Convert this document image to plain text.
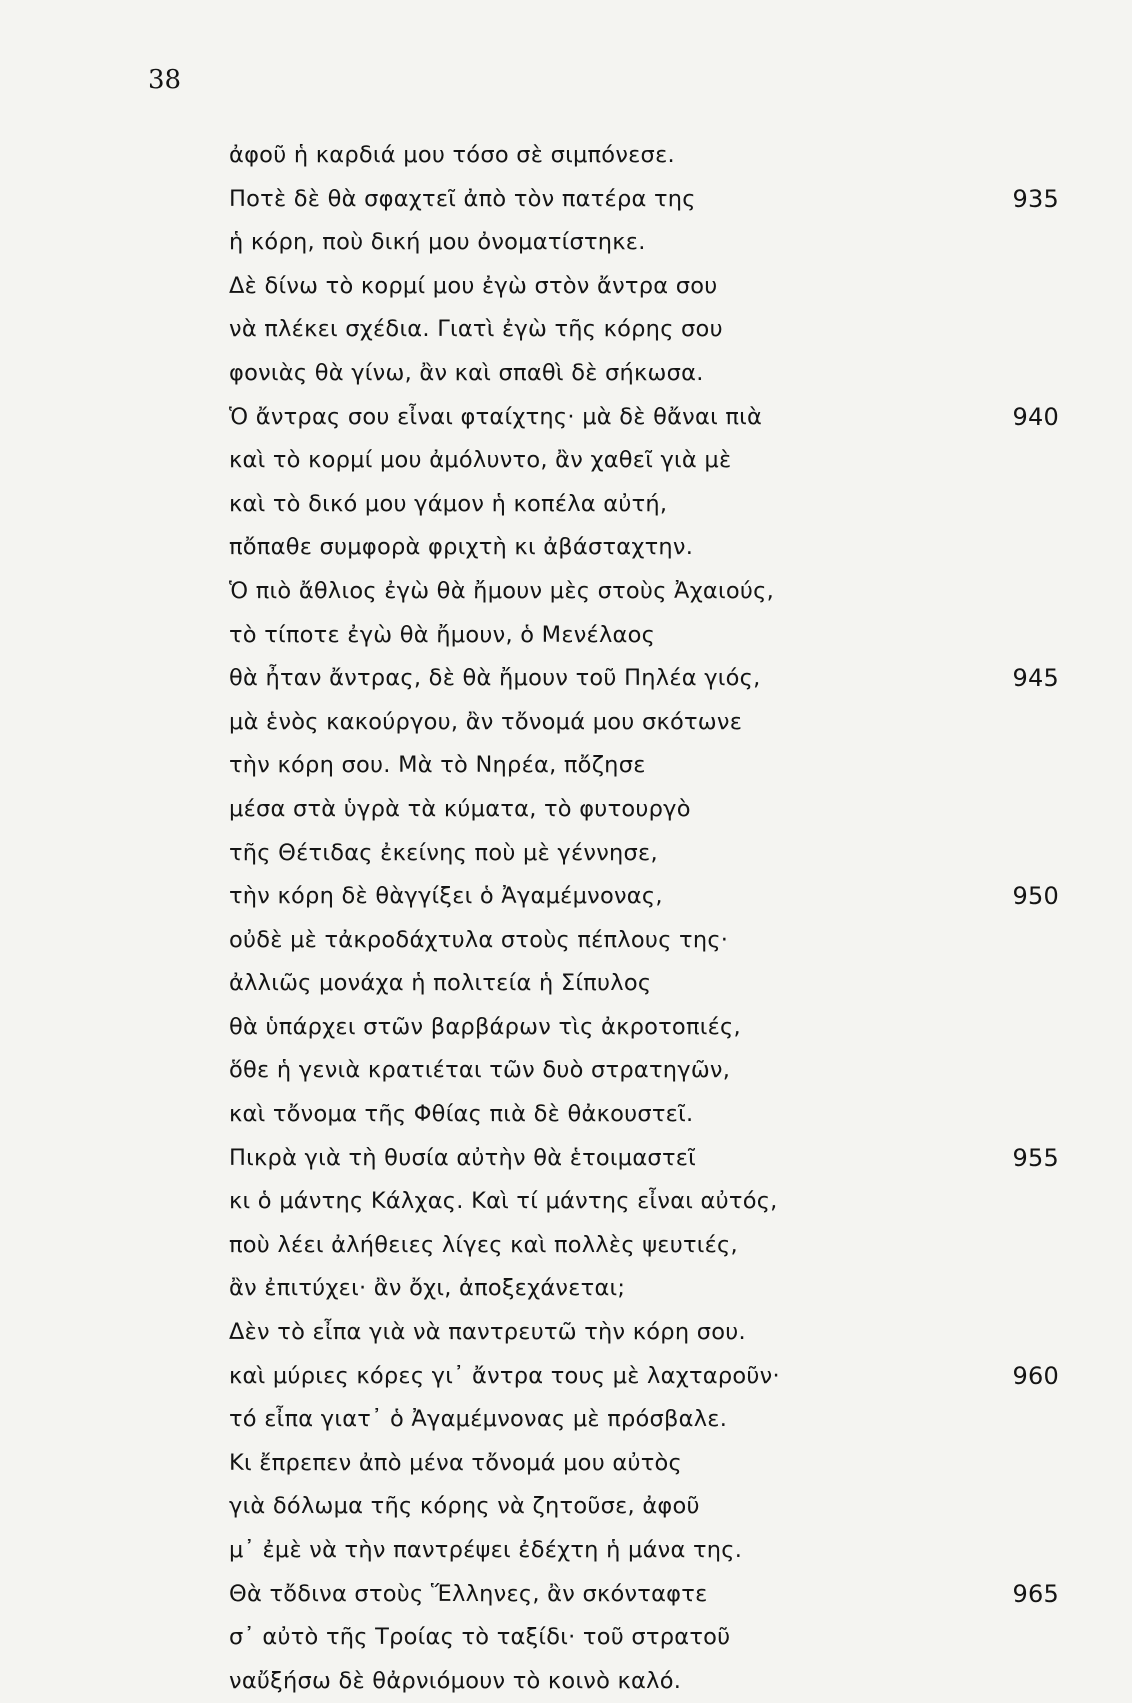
38
ἀφοῦ ἡ καρδιά μου τόσο σὲ σιμπόνεσε.
Ποτὲ δὲ θὰ σφαχτεῖ ἀπὸ τὸν πατέρα της	935
ἡ κόρη, ποὺ δική μου ὀνοματίστηκε.
Δὲ δίνω τὸ κορμί μου ἐγὼ στὸν ἄντρα σου
νὰ πλέκει σχέδια. Γιατὶ ἐγὼ τῆς κόρης σου
φονιὰς θὰ γίνω, ἂν καὶ σπαθὶ δὲ σήκωσα.
Ὁ ἄντρας σου εἶναι φταίχτης· μὰ δὲ θἄναι πιὰ	940
καὶ τὸ κορμί μου ἀμόλυντο, ἂν χαθεῖ γιὰ μὲ
καὶ τὸ δικό μου γάμον ἡ κοπέλα αὐτή,
πὄπαθε συμφορὰ φριχτὴ κι ἀβάσταχτην.
Ὁ πιὸ ἄθλιος ἐγὼ θὰ ἤμουν μὲς στοὺς Ἀχαιούς,
τὸ τίποτε ἐγὼ θὰ ἤμουν, ὁ Μενέλαος
θὰ ἦταν ἄντρας, δὲ θὰ ἤμουν τοῦ Πηλέα γιός,	945
μὰ ἑνὸς κακούργου, ἂν τὄνομά μου σκότωνε
τὴν κόρη σου. Μὰ τὸ Νηρέα, πὄζησε
μέσα στὰ ὑγρὰ τὰ κύματα, τὸ φυτουργὸ
τῆς Θέτιδας ἐκείνης ποὺ μὲ γέννησε,
τὴν κόρη δὲ θὰγγίξει ὁ Ἀγαμέμνονας,	950
οὐδὲ μὲ τἀκροδάχτυλα στοὺς πέπλους της·
ἀλλιῶς μονάχα ἡ πολιτεία ἡ Σίπυλος
θὰ ὑπάρχει στῶν βαρβάρων τὶς ἀκροτοπιές,
ὅθε ἡ γενιὰ κρατιέται τῶν δυὸ στρατηγῶν,
καὶ τὄνομα τῆς Φθίας πιὰ δὲ θἀκουστεῖ.
Πικρὰ γιὰ τὴ θυσία αὐτὴν θὰ ἑτοιμαστεῖ	955
κι ὁ μάντης Κάλχας. Καὶ τί μάντης εἶναι αὐτός,
ποὺ λέει ἀλήθειες λίγες καὶ πολλὲς ψευτιές,
ἂν ἐπιτύχει· ἂν ὄχι, ἀποξεχάνεται;
Δὲν τὸ εἶπα γιὰ νὰ παντρευτῶ τὴν κόρη σου.
καὶ μύριες κόρες γι᾽ ἄντρα τους μὲ λαχταροῦν·	960
τό εἶπα γιατ᾽ ὁ Ἀγαμέμνονας μὲ πρόσβαλε.
Κι ἔπρεπεν ἀπὸ μένα τὄνομά μου αὐτὸς
γιὰ δόλωμα τῆς κόρης νὰ ζητοῦσε, ἀφοῦ
μ᾽ ἐμὲ νὰ τὴν παντρέψει ἐδέχτη ἡ μάνα της.
Θὰ τὄδινα στοὺς Ἕλληνες, ἂν σκόνταφτε	965
σ᾽ αὐτὸ τῆς Τροίας τὸ ταξίδι· τοῦ στρατοῦ
ναὔξήσω δὲ θἀρνιόμουν τὸ κοινὸ καλό.
